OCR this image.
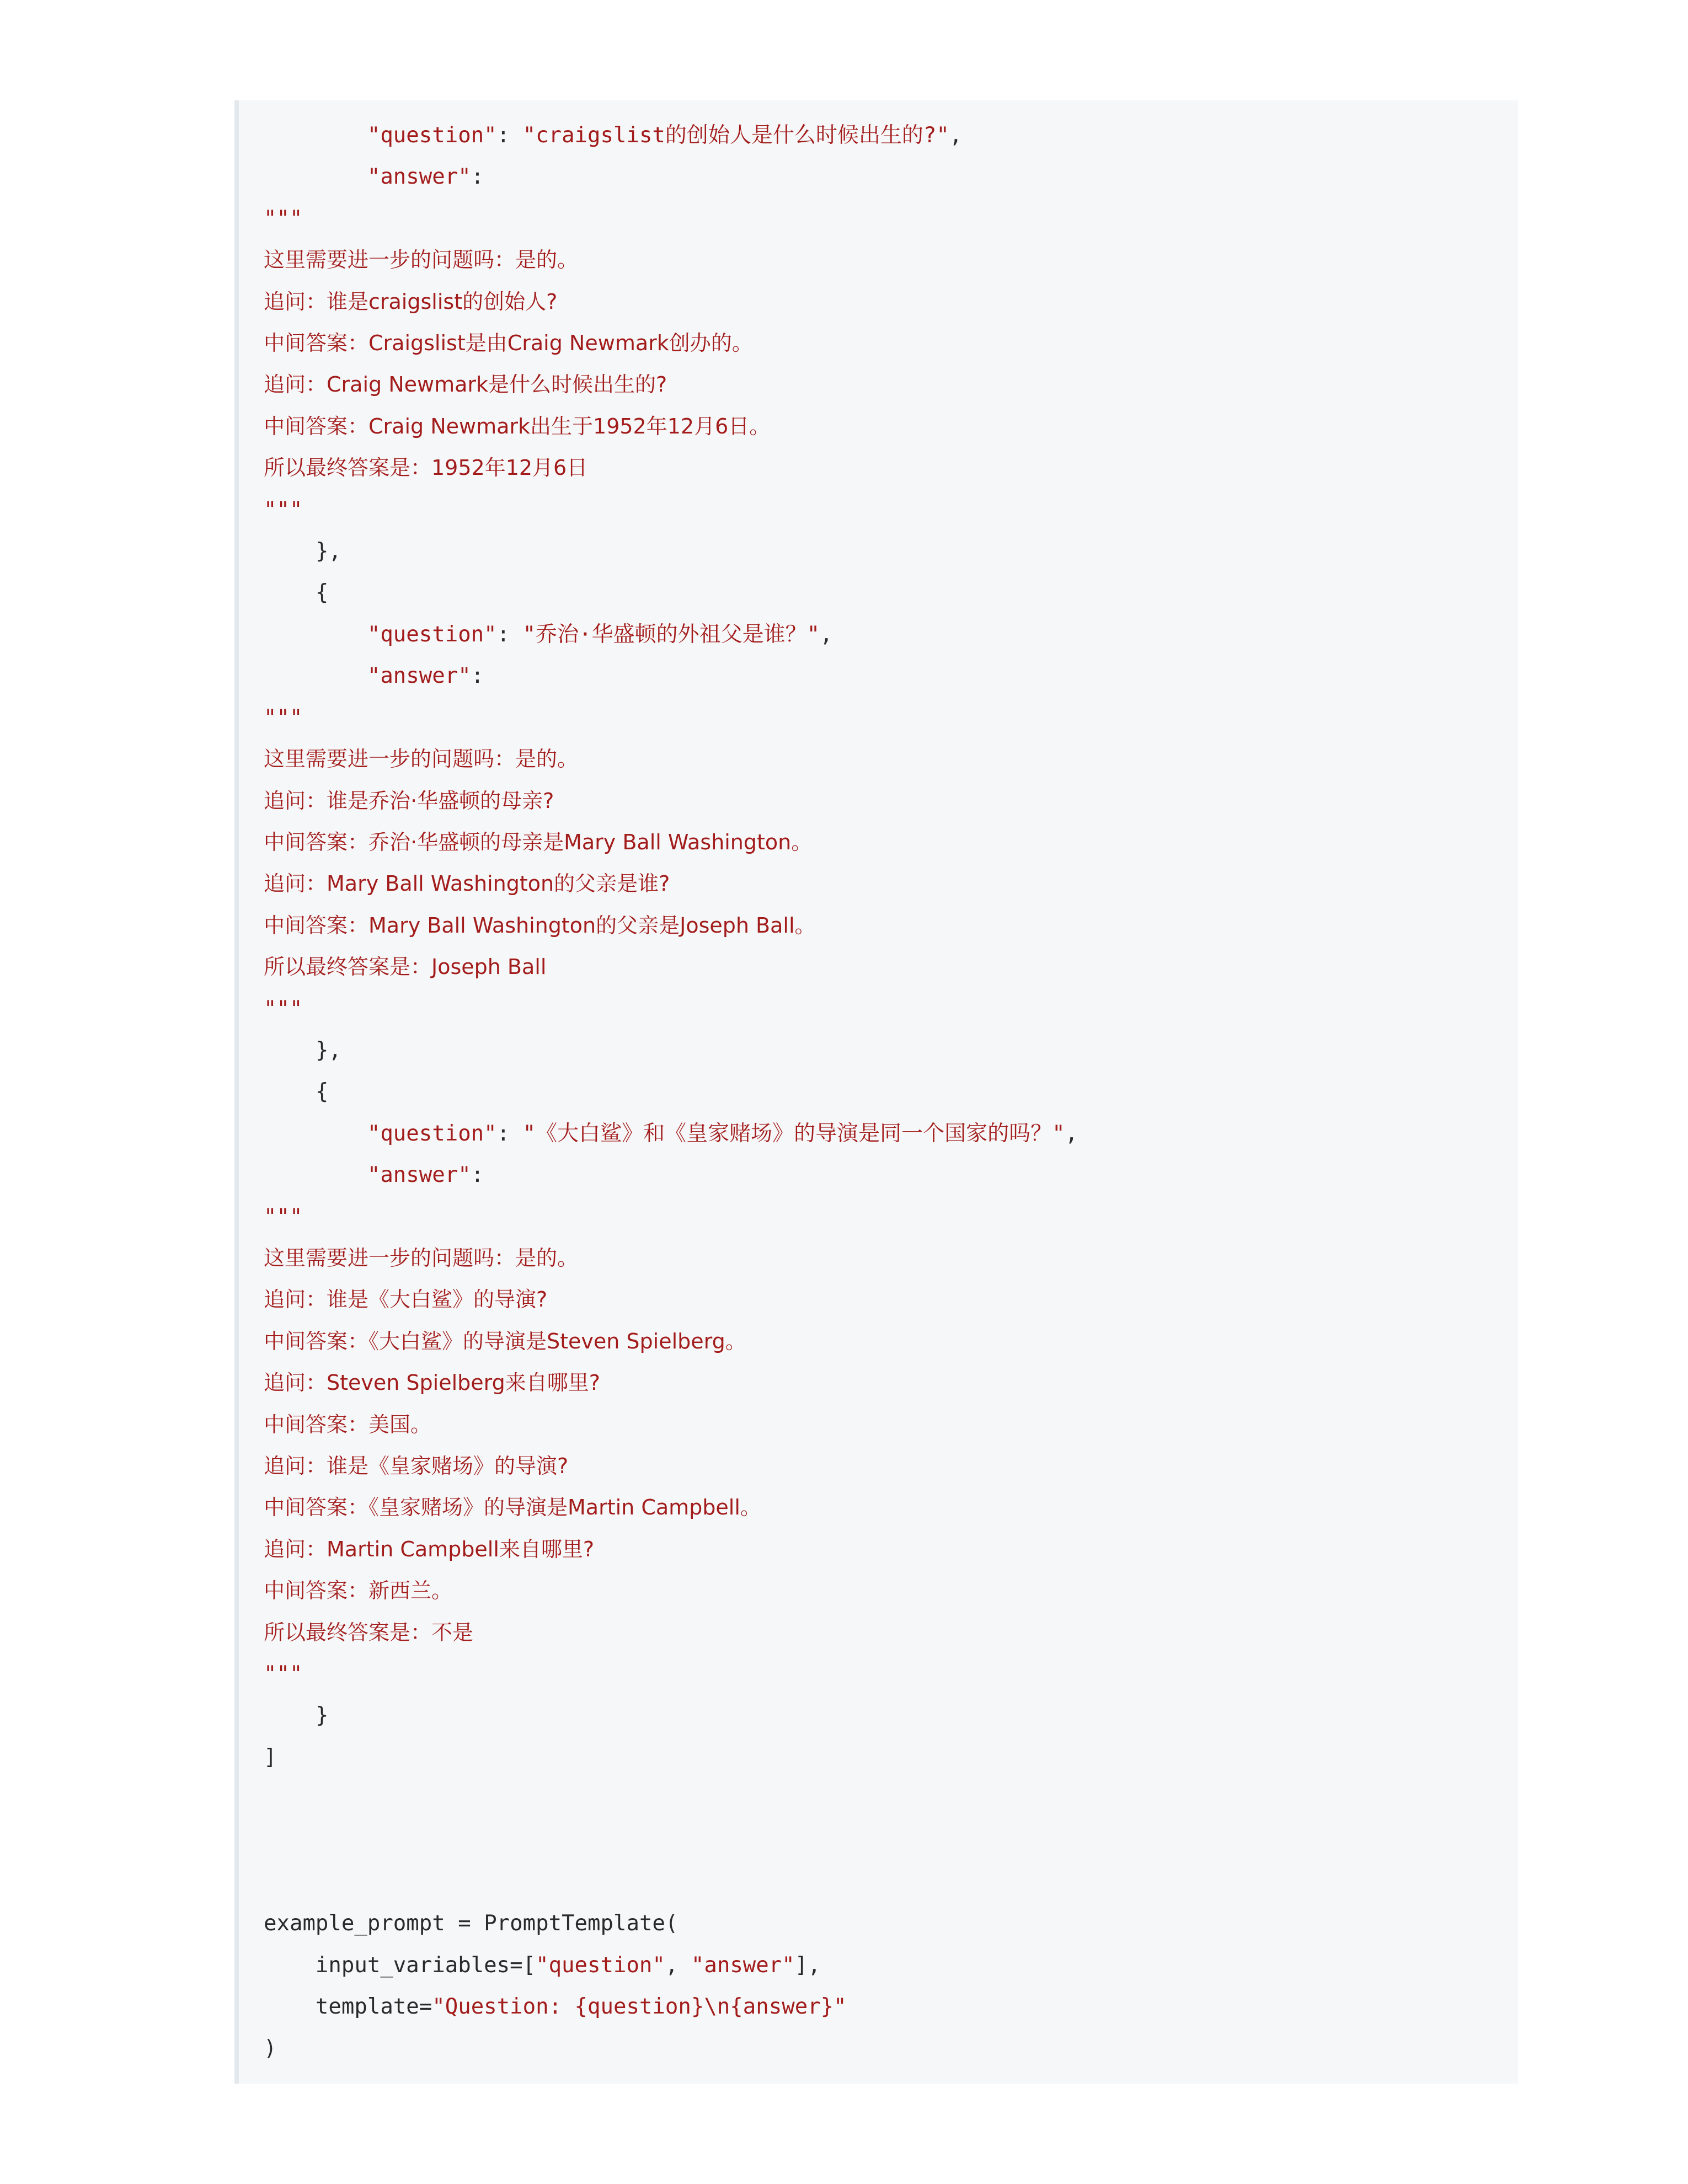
"question": "craigslist的创始人是什么时候出生的?",
"answer":
"""
这里需要进一步的问题吗：是的。
追问：谁是craigslist的创始人?
中间答案：Craigslist是由Craig Newmark创办的。
追问：Craig Newmark是什么时候出生的?
中间答案：Craig Newmark出生于1952年12月6日。
所以最终答案是：1952年12月6日
"""
},
{
"question": "乔治·华盛顿的外祖父是谁？",
"answer":
"""
这里需要进一步的问题吗：是的。
追问：谁是乔治·华盛顿的母亲?
中间答案：乔治·华盛顿的母亲是Mary Ball Washington。
追问：Mary Ball Washington的父亲是谁?
中间答案：Mary Ball Washington的父亲是Joseph Ball。
所以最终答案是：Joseph Ball
"""
},
{
"question": "《大白鲨》和《皇家赌场》的导演是同一个国家的吗？",
"answer":
"""
这里需要进一步的问题吗：是的。
追问：谁是《大白鲨》的导演?
中间答案：《大白鲨》的导演是Steven Spielberg。
追问：Steven Spielberg来自哪里?
中间答案：美国。
追问：谁是《皇家赌场》的导演?
中间答案：《皇家赌场》的导演是Martin Campbell。
追问：Martin Campbell来自哪里?
中间答案：新西兰。
所以最终答案是：不是
"""
}
]

example_prompt = PromptTemplate(
input_variables=["question", "answer"],
template="Question: {question}\n{answer}"
)
